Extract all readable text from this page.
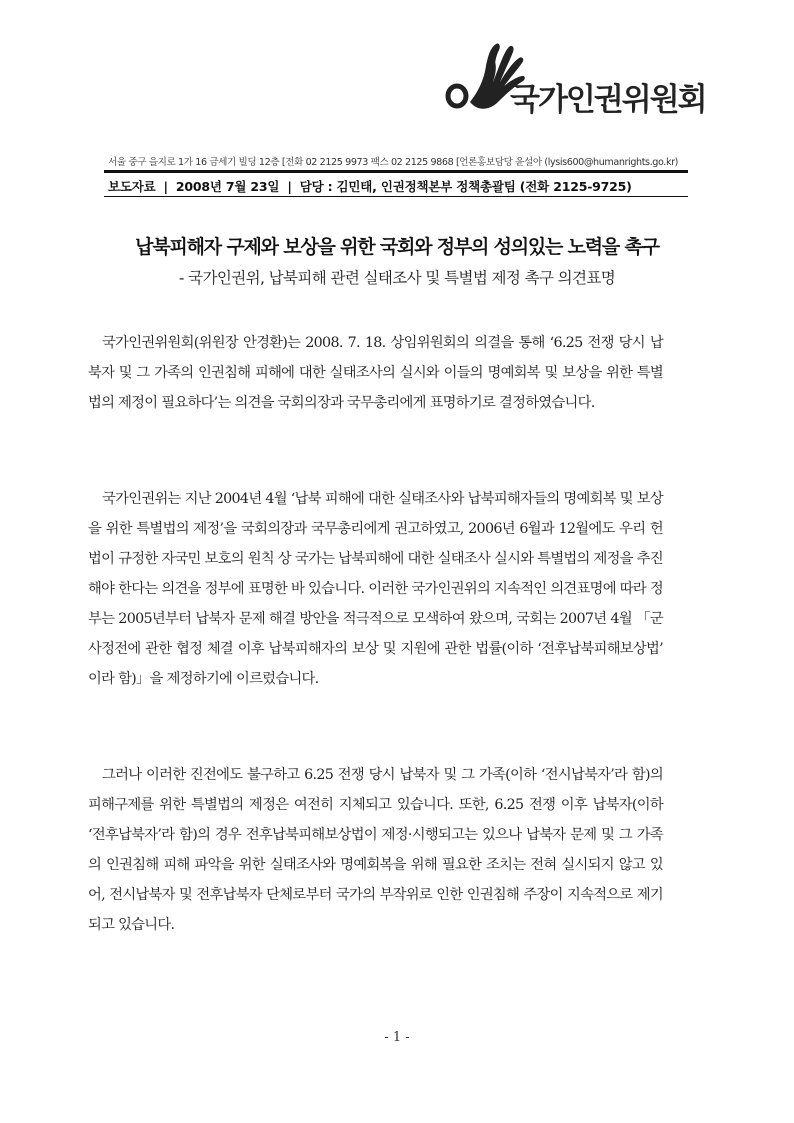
국가인권위원회
서울 중구 을지로 1가 16 금세기 빌딩 12층 [전화 02 2125 9973 팩스 02 2125 9868 [언론홍보담당 윤설아 (lysis600@humanrights.go.kr)
보도자료 | 2008년 7월 23일 | 담당 : 김민태, 인권정책본부 정책총괄팀 (전화 2125-9725)
납북피해자 구제와 보상을 위한 국회와 정부의 성의있는 노력을 촉구
- 국가인권위, 납북피해 관련 실태조사 및 특별법 제정 촉구 의견표명
국가인권위원회(위원장 안경환)는 2008. 7. 18. 상임위원회의 의결을 통해 ‘6.25 전쟁 당시 납북자 및 그 가족의 인권침해 피해에 대한 실태조사의 실시와 이들의 명예회복 및 보상을 위한 특별법의 제정이 필요하다’는 의견을 국회의장과 국무총리에게 표명하기로 결정하였습니다.
국가인권위는 지난 2004년 4월 ‘납북 피해에 대한 실태조사와 납북피해자들의 명예회복 및 보상을 위한 특별법의 제정’을 국회의장과 국무총리에게 권고하였고, 2006년 6월과 12월에도 우리 헌법이 규정한 자국민 보호의 원칙 상 국가는 납북피해에 대한 실태조사 실시와 특별법의 제정을 추진해야 한다는 의견을 정부에 표명한 바 있습니다. 이러한 국가인권위의 지속적인 의견표명에 따라 정부는 2005년부터 납북자 문제 해결 방안을 적극적으로 모색하여 왔으며, 국회는 2007년 4월 「군사정전에 관한 협정 체결 이후 납북피해자의 보상 및 지원에 관한 법률(이하 ‘전후납북피해보상법’ 이라 함)」을 제정하기에 이르렀습니다.
그러나 이러한 진전에도 불구하고 6.25 전쟁 당시 납북자 및 그 가족(이하 ‘전시납북자’라 함)의 피해구제를 위한 특별법의 제정은 여전히 지체되고 있습니다. 또한, 6.25 전쟁 이후 납북자(이하 ‘전후납북자’라 함)의 경우 전후납북피해보상법이 제정·시행되고는 있으나 납북자 문제 및 그 가족의 인권침해 피해 파악을 위한 실태조사와 명예회복을 위해 필요한 조치는 전혀 실시되지 않고 있어, 전시납북자 및 전후납북자 단체로부터 국가의 부작위로 인한 인권침해 주장이 지속적으로 제기 되고 있습니다.
- 1 -
